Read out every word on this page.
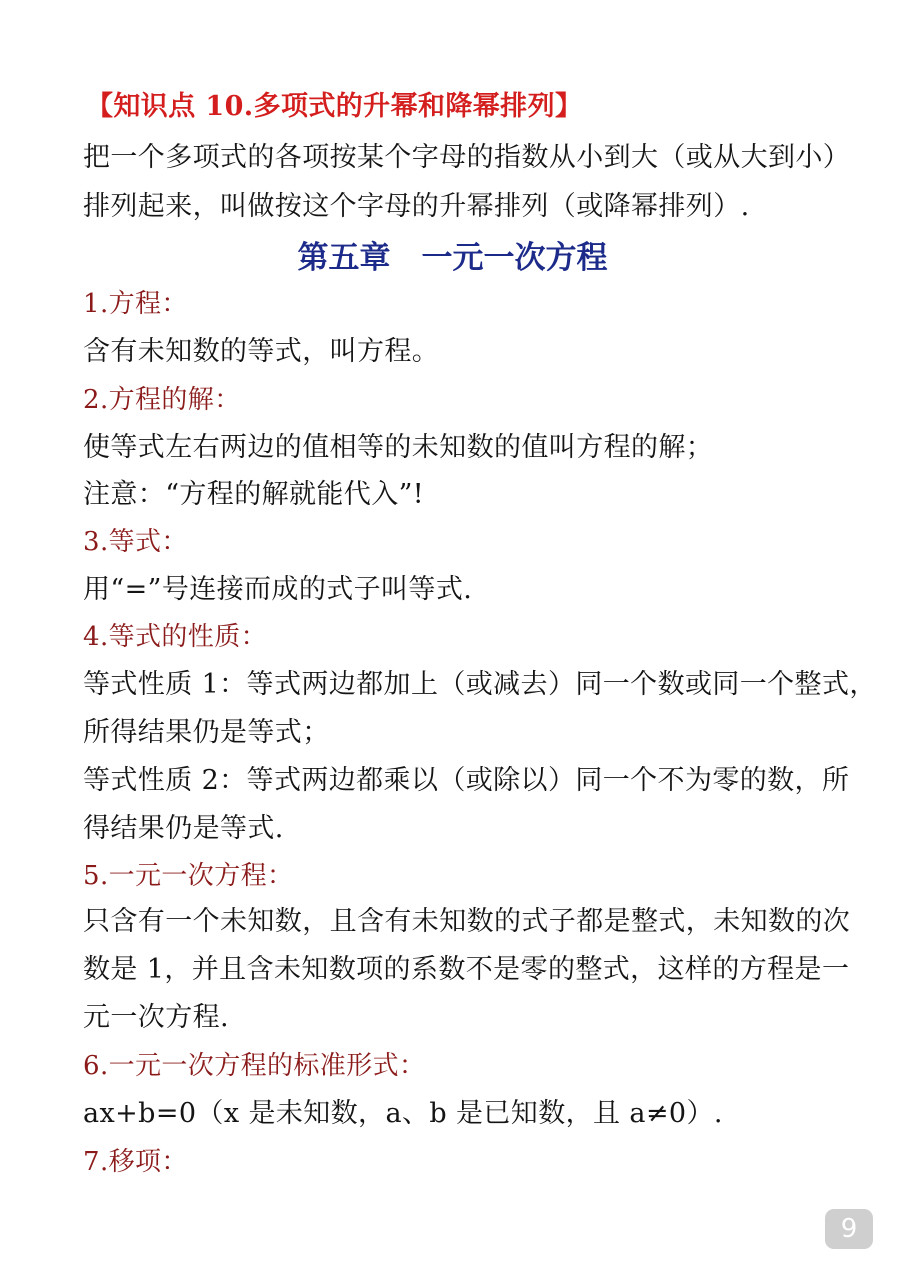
【知识点 10.多项式的升幂和降幂排列】
把一个多项式的各项按某个字母的指数从小到大（或从大到小）
排列起来，叫做按这个字母的升幂排列（或降幂排列）.
第五章　一元一次方程
1.方程：
含有未知数的等式，叫方程。
2.方程的解：
使等式左右两边的值相等的未知数的值叫方程的解；
注意：“方程的解就能代入”!
3.等式：
用“=”号连接而成的式子叫等式.
4.等式的性质：
等式性质 1：等式两边都加上（或减去）同一个数或同一个整式，
所得结果仍是等式；
等式性质 2：等式两边都乘以（或除以）同一个不为零的数，所
得结果仍是等式.
5.一元一次方程：
只含有一个未知数，且含有未知数的式子都是整式，未知数的次
数是 1，并且含未知数项的系数不是零的整式，这样的方程是一
元一次方程.
6.一元一次方程的标准形式：
ax+b=0（x 是未知数，a、b 是已知数，且 a≠0）.
7.移项：
9
